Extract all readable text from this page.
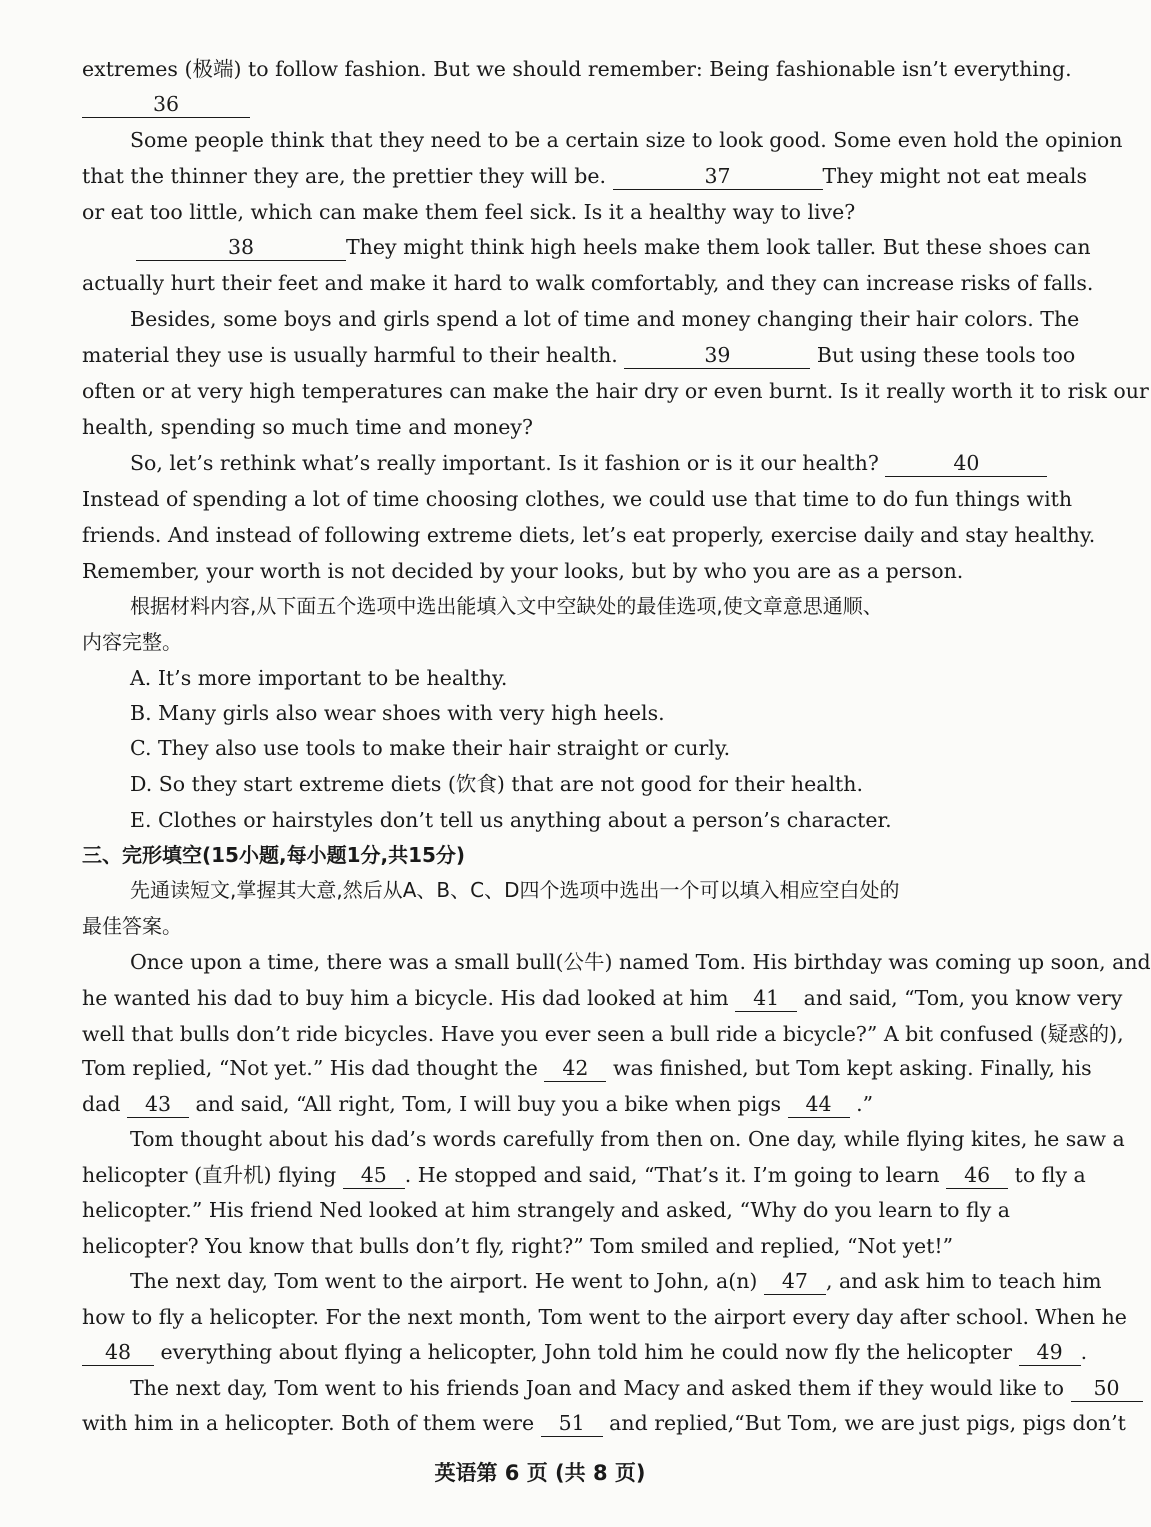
extremes (极端) to follow fashion. But we should remember: Being fashionable isn’t everything.
36
Some people think that they need to be a certain size to look good. Some even hold the opinion
that the thinner they are, the prettier they will be.	37	They might not eat meals
or eat too little, which can make them feel sick. Is it a healthy way to live?
38	They might think high heels make them look taller. But these shoes can
actually hurt their feet and make it hard to walk comfortably, and they can increase risks of falls.
Besides, some boys and girls spend a lot of time and money changing their hair colors. The
material they use is usually harmful to their health.	39	But using these tools too
often or at very high temperatures can make the hair dry or even burnt. Is it really worth it to risk our
health, spending so much time and money?
So, let’s rethink what’s really important. Is it fashion or is it our health?	40
Instead of spending a lot of time choosing clothes, we could use that time to do fun things with
friends. And instead of following extreme diets, let’s eat properly, exercise daily and stay healthy.
Remember, your worth is not decided by your looks, but by who you are as a person.
根据材料内容,从下面五个选项中选出能填入文中空缺处的最佳选项,使文章意思通顺、
内容完整。
A. It’s more important to be healthy.
B. Many girls also wear shoes with very high heels.
C. They also use tools to make their hair straight or curly.
D. So they start extreme diets (饮食) that are not good for their health.
E. Clothes or hairstyles don’t tell us anything about a person’s character.
三、完形填空(15小题,每小题1分,共15分)
先通读短文,掌握其大意,然后从A、B、C、D四个选项中选出一个可以填入相应空白处的
最佳答案。
Once upon a time, there was a small bull(公牛) named Tom. His birthday was coming up soon, and
he wanted his dad to buy him a bicycle. His dad looked at him 41 and said, “Tom, you know very
well that bulls don’t ride bicycles. Have you ever seen a bull ride a bicycle?” A bit confused (疑惑的),
Tom replied, “Not yet.” His dad thought the 42 was finished, but Tom kept asking. Finally, his
dad 43 and said, “All right, Tom, I will buy you a bike when pigs 44 .”
Tom thought about his dad’s words carefully from then on. One day, while flying kites, he saw a
helicopter (直升机) flying 45 . He stopped and said, “That’s it. I’m going to learn 46 to fly a
helicopter.” His friend Ned looked at him strangely and asked, “Why do you learn to fly a
helicopter? You know that bulls don’t fly, right?” Tom smiled and replied, “Not yet!”
The next day, Tom went to the airport. He went to John, a(n) 47 , and ask him to teach him
how to fly a helicopter. For the next month, Tom went to the airport every day after school. When he
48 everything about flying a helicopter, John told him he could now fly the helicopter 49 .
The next day, Tom went to his friends Joan and Macy and asked them if they would like to 50
with him in a helicopter. Both of them were 51 and replied,“But Tom, we are just pigs, pigs don’t
英语第 6 页 (共 8 页)
